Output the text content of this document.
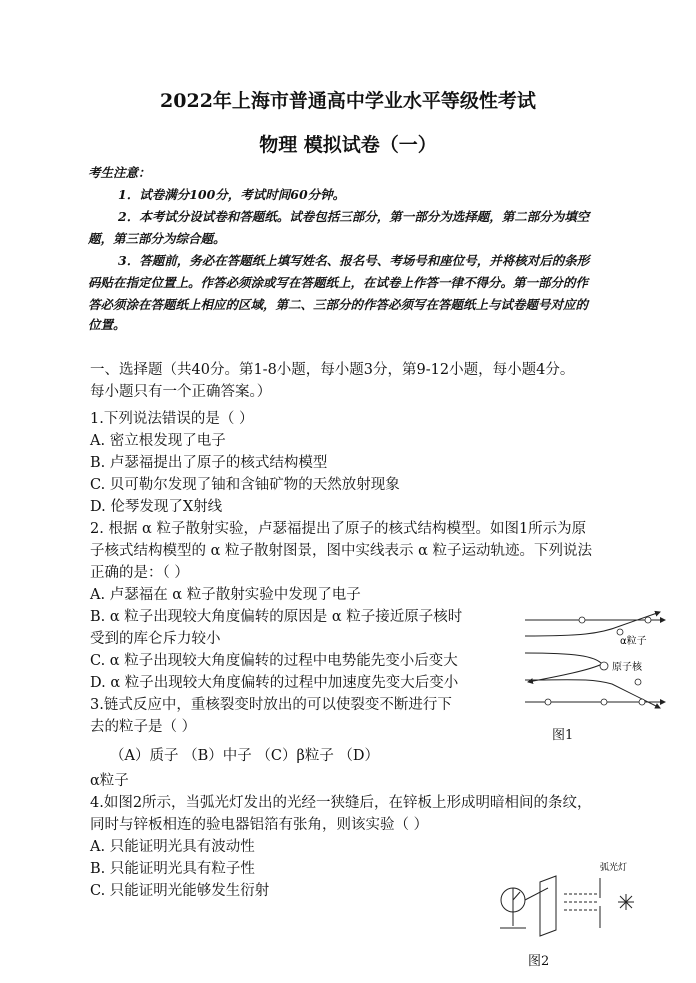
2022年上海市普通高中学业水平等级性考试
物理 模拟试卷（一）
考生注意：
1．试卷满分100分，考试时间60分钟。
2．本考试分设试卷和答题纸。试卷包括三部分，第一部分为选择题，第二部分为填空
题，第三部分为综合题。
3．答题前，务必在答题纸上填写姓名、报名号、考场号和座位号，并将核对后的条形
码贴在指定位置上。作答必须涂或写在答题纸上，在试卷上作答一律不得分。第一部分的作
答必须涂在答题纸上相应的区域，第二、三部分的作答必须写在答题纸上与试卷题号对应的
位置。
一、选择题（共40分。第1-8小题，每小题3分，第9-12小题，每小题4分。
每小题只有一个正确答案。）
1.下列说法错误的是（ ）
A. 密立根发现了电子
B. 卢瑟福提出了原子的核式结构模型
C. 贝可勒尔发现了铀和含铀矿物的天然放射现象
D. 伦琴发现了X射线
2. 根据 α 粒子散射实验，卢瑟福提出了原子的核式结构模型。如图1所示为原
子核式结构模型的 α 粒子散射图景，图中实线表示 α 粒子运动轨迹。下列说法
正确的是：（ ）
A. 卢瑟福在 α 粒子散射实验中发现了电子
B. α 粒子出现较大角度偏转的原因是 α 粒子接近原子核时
受到的库仑斥力较小
C. α 粒子出现较大角度偏转的过程中电势能先变小后变大
D. α 粒子出现较大角度偏转的过程中加速度先变大后变小
3.链式反应中，重核裂变时放出的可以使裂变不断进行下
去的粒子是（ ）
（A）质子 （B）中子 （C）β粒子 （D）
α粒子
α粒子
原子核
图1
4.如图2所示，当弧光灯发出的光经一狭缝后，在锌板上形成明暗相间的条纹，
同时与锌板相连的验电器铝箔有张角，则该实验（ ）
A. 只能证明光具有波动性
B. 只能证明光具有粒子性
C. 只能证明光能够发生衍射
弧光灯
图2
